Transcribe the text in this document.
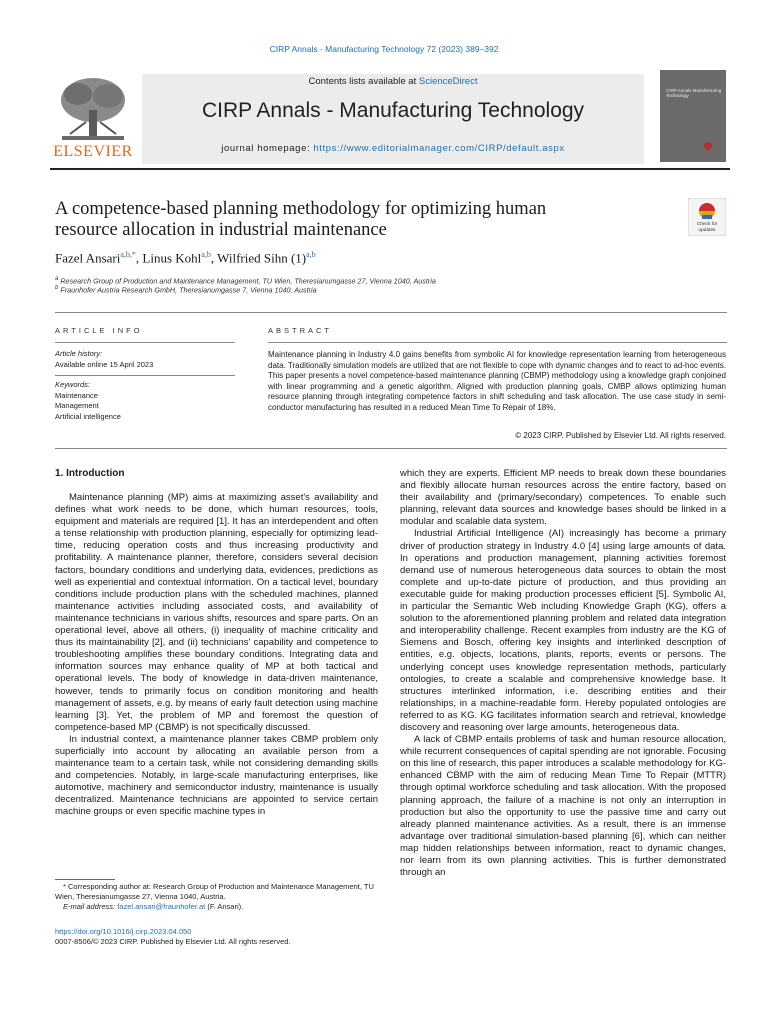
CIRP Annals - Manufacturing Technology 72 (2023) 389–392
ELSEVIER
Contents lists available at ScienceDirect
CIRP Annals - Manufacturing Technology
journal homepage: https://www.editorialmanager.com/CIRP/default.aspx
CIRP Annals Manufacturing Technology
A competence-based planning methodology for optimizing human
resource allocation in industrial maintenance	Check for updates
Fazel Ansari$^{a,b,*}$, Linus Kohl$^{a,b}$, Wilfried Sihn $(1)^{a,b}$
$^a$ Research Group of Production and Maintenance Management, TU Wien, Theresianumgasse 27, Vienna 1040, Austria
$^b$ Fraunhofer Austria Research GmbH, Theresianumgasse 7, Vienna 1040, Austria
ARTICLE INFO
Article history:
Available online 15 April 2023
Keywords:
Maintenance
Management
Artificial intelligence
ABSTRACT
Maintenance planning in Industry 4.0 gains benefits from symbolic AI for knowledge representation learning from heterogeneous data. Traditionally simulation models are utilized that are not flexible to cope with dynamic changes and to react to ad-hoc events. This paper presents a novel competence-based maintenance planning (CBMP) methodology using a knowledge graph conjoined with linear programming and a genetic algorithm. Aligned with production planning goals, CMBP allows optimizing human resource planning through integrating competence factors in shift scheduling and task allocation. The use case study in semi-conductor manufacturing has resulted in a reduced Mean Time To Repair of 18%.
© 2023 CIRP. Published by Elsevier Ltd. All rights reserved.
1. Introduction

Maintenance planning (MP) aims at maximizing asset's availability and defines what work needs to be done, which human resources, tools, equipment and materials are required [1]. It has an interdependent and often a tense relationship with production planning, especially for optimizing lead-time, reducing operation costs and thus increasing productivity and profitability. A maintenance planner, therefore, considers several decision factors, boundary conditions and underlying data, evidences, predictions as well as experiential and contextual information. On a tactical level, boundary conditions include production plans with the scheduled machines, planned maintenance activities including associated costs, and availability of maintenance technicians in various shifts, resources and spare parts. On an operational level, above all others, (i) inequality of machine criticality and thus its maintainability [2], and (ii) technicians' capability and competence to troubleshooting amplifies these boundary conditions. Integrating data and information sources may enhance quality of MP at both tactical and operational levels. The body of knowledge in data-driven maintenance, however, tends to primarily focus on condition monitoring and health management of assets, e.g. by means of early fault detection using machine learning [3]. Yet, the problem of MP and foremost the question of competence-based MP (CBMP) is not specifically discussed.

In industrial context, a maintenance planner takes CBMP problem only superficially into account by allocating an available person from a maintenance team to a certain task, while not considering demanding skills and competencies. Notably, in large-scale manufacturing enterprises, like automotive, machinery and semiconductor industry, maintenance is usually decentralized. Maintenance technicians are appointed to service certain machine groups or even specific machine types in

which they are experts. Efficient MP needs to break down these boundaries and flexibly allocate human resources across the entire factory, based on their availability and (primary/secondary) competences. To enable such planning, relevant data sources and knowledge bases should be linked in a modular and scalable data system.

Industrial Artificial Intelligence (AI) increasingly has become a primary driver of production strategy in Industry 4.0 [4] using large amounts of data. In operations and production management, planning activities foremost demand use of numerous heterogeneous data sources to obtain the most complete and up-to-date picture of production, and thus providing an executable guide for making production processes efficient [5]. Symbolic AI, in particular the Semantic Web including Knowledge Graph (KG), offers a solution to the aforementioned planning problem and related data integration and interoperability challenge. Recent examples from industry are the KG of Siemens and Bosch, offering key insights and interlinked description of entities, e.g. objects, locations, plants, reports, events or persons. The underlying concept uses knowledge representation methods, particularly ontologies, to create a scalable and comprehensive knowledge base. It structures interlinked information, i.e. describing entities and their relationships, in a machine-readable form. Hereby populated ontologies are referred to as KG. KG facilitates information search and retrieval, knowledge discovery and reasoning over large amounts, heterogeneous data.

A lack of CBMP entails problems of task and human resource allocation, while recurrent consequences of capital spending are not ignorable. Focusing on this line of research, this paper introduces a scalable methodology for KG-enhanced CBMP with the aim of reducing Mean Time To Repair (MTTR) through optimal workforce scheduling and task allocation. With the proposed planning approach, the failure of a machine is not only an interruption in production but also the opportunity to use the passive time and carry out already planned maintenance activities. As a result, there is an immense advantage over traditional simulation-based planning [6], which can neither map hidden relationships between information, react to dynamic changes, nor learn from its own planning activities. This is further demonstrated through an

* Corresponding author at: Research Group of Production and Maintenance Management, TU Wien, Theresianumgasse 27, Vienna 1040, Austria.
E-mail address: fazel.ansari@fraunhofer.at (F. Ansari).
https://doi.org/10.1016/j.cirp.2023.04.050
0007-8506/© 2023 CIRP. Published by Elsevier Ltd. All rights reserved.
